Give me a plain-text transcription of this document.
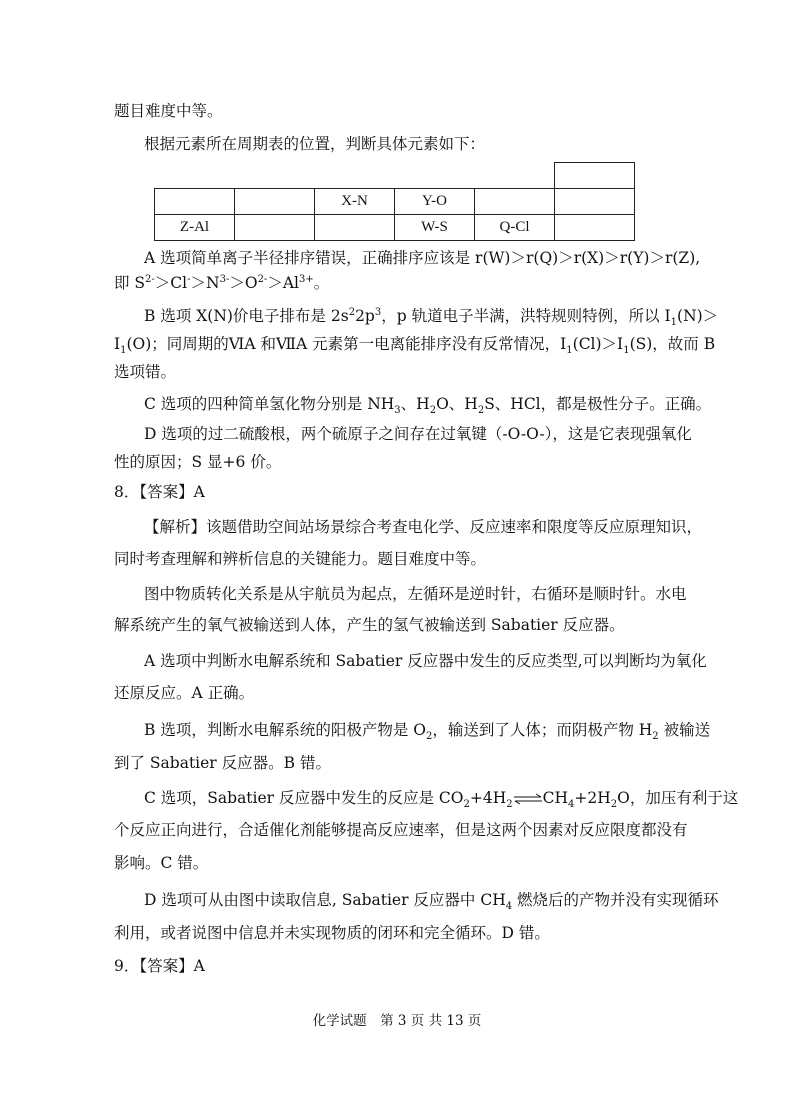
题目难度中等。
根据元素所在周期表的位置，判断具体元素如下：

		X-N	Y-O		
Z-Al			W-S	Q-Cl	
A 选项简单离子半径排序错误，正确排序应该是 r(W)＞r(Q)＞r(X)＞r(Y)＞r(Z),
即 $S^{2-}>Cl^->N^{3-}>O^{2-}>Al^{3+}$。
B 选项 X(N)价电子排布是 $2s^22p^3$，p 轨道电子半满，洪特规则特例，所以 $I_1(N)>$
$I_1(O)$；同周期的ⅥA 和ⅦA 元素第一电离能排序没有反常情况，$I_1(Cl)>I_1(S)$，故而 B
选项错。
C 选项的四种简单氢化物分别是 $NH_3$、$H_2O$、$H_2S$、HCl，都是极性分子。正确。
D 选项的过二硫酸根，两个硫原子之间存在过氧键（-O-O-），这是它表现强氧化
性的原因；S 显+6 价。
8．【答案】A
【解析】该题借助空间站场景综合考查电化学、反应速率和限度等反应原理知识，
同时考查理解和辨析信息的关键能力。题目难度中等。
图中物质转化关系是从宇航员为起点，左循环是逆时针，右循环是顺时针。水电
解系统产生的氧气被输送到人体，产生的氢气被输送到 Sabatier 反应器。
A 选项中判断水电解系统和 Sabatier 反应器中发生的反应类型,可以判断均为氧化
还原反应。A 正确。
B 选项，判断水电解系统的阳极产物是 $O_2$，输送到了人体；而阴极产物 $H_2$ 被输送
到了 Sabatier 反应器。B 错。
C 选项，Sabatier 反应器中发生的反应是 $CO_2+4H_2\rightleftharpoons CH_4+2H_2O$，加压有利于这
个反应正向进行，合适催化剂能够提高反应速率，但是这两个因素对反应限度都没有
影响。C 错。
D 选项可从由图中读取信息, Sabatier 反应器中 $CH_4$ 燃烧后的产物并没有实现循环
利用，或者说图中信息并未实现物质的闭环和完全循环。D 错。
9．【答案】A
化学试题　第 3 页 共 13 页
